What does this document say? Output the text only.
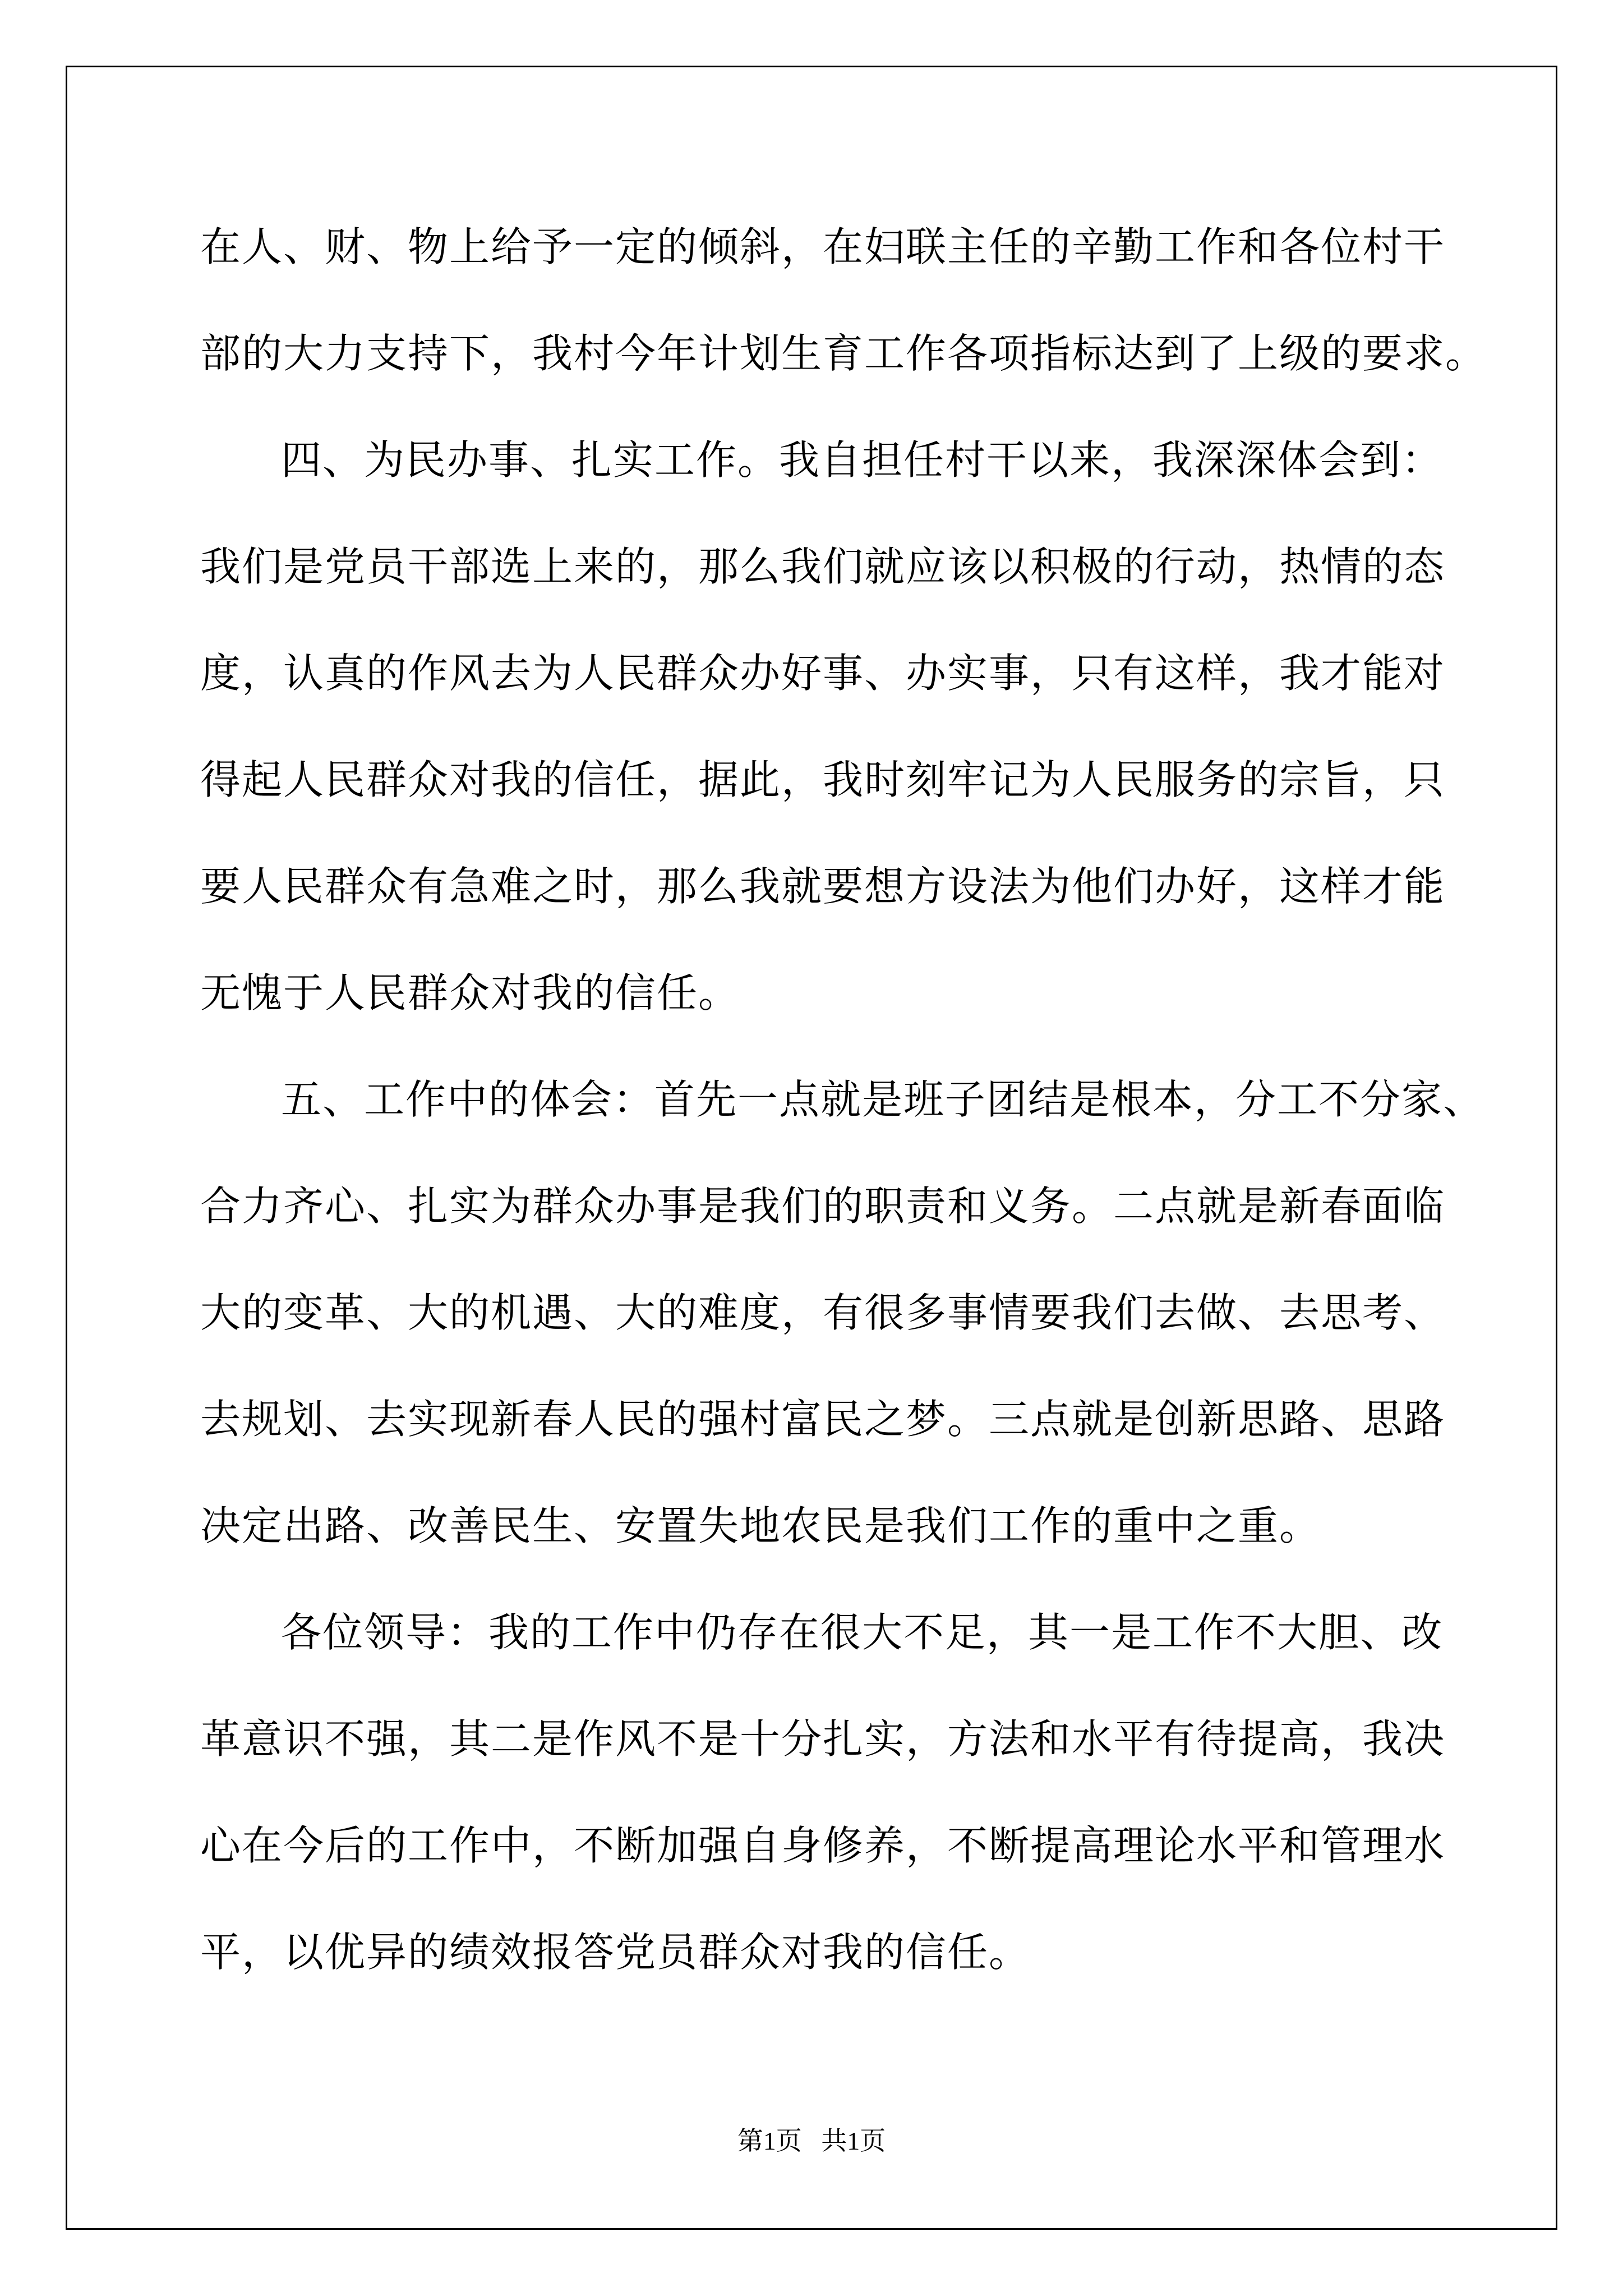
在人、财、物上给予一定的倾斜，在妇联主任的辛勤工作和各位村干
部的大力支持下，我村今年计划生育工作各项指标达到了上级的要求。
四、为民办事、扎实工作。我自担任村干以来，我深深体会到：
我们是党员干部选上来的，那么我们就应该以积极的行动，热情的态
度，认真的作风去为人民群众办好事、办实事，只有这样，我才能对
得起人民群众对我的信任，据此，我时刻牢记为人民服务的宗旨，只
要人民群众有急难之时，那么我就要想方设法为他们办好，这样才能
无愧于人民群众对我的信任。
五、工作中的体会：首先一点就是班子团结是根本，分工不分家、
合力齐心、扎实为群众办事是我们的职责和义务。二点就是新春面临
大的变革、大的机遇、大的难度，有很多事情要我们去做、去思考、
去规划、去实现新春人民的强村富民之梦。三点就是创新思路、思路
决定出路、改善民生、安置失地农民是我们工作的重中之重。
各位领导：我的工作中仍存在很大不足，其一是工作不大胆、改
革意识不强，其二是作风不是十分扎实，方法和水平有待提高，我决
心在今后的工作中，不断加强自身修养，不断提高理论水平和管理水
平，以优异的绩效报答党员群众对我的信任。
第1页 共1页
